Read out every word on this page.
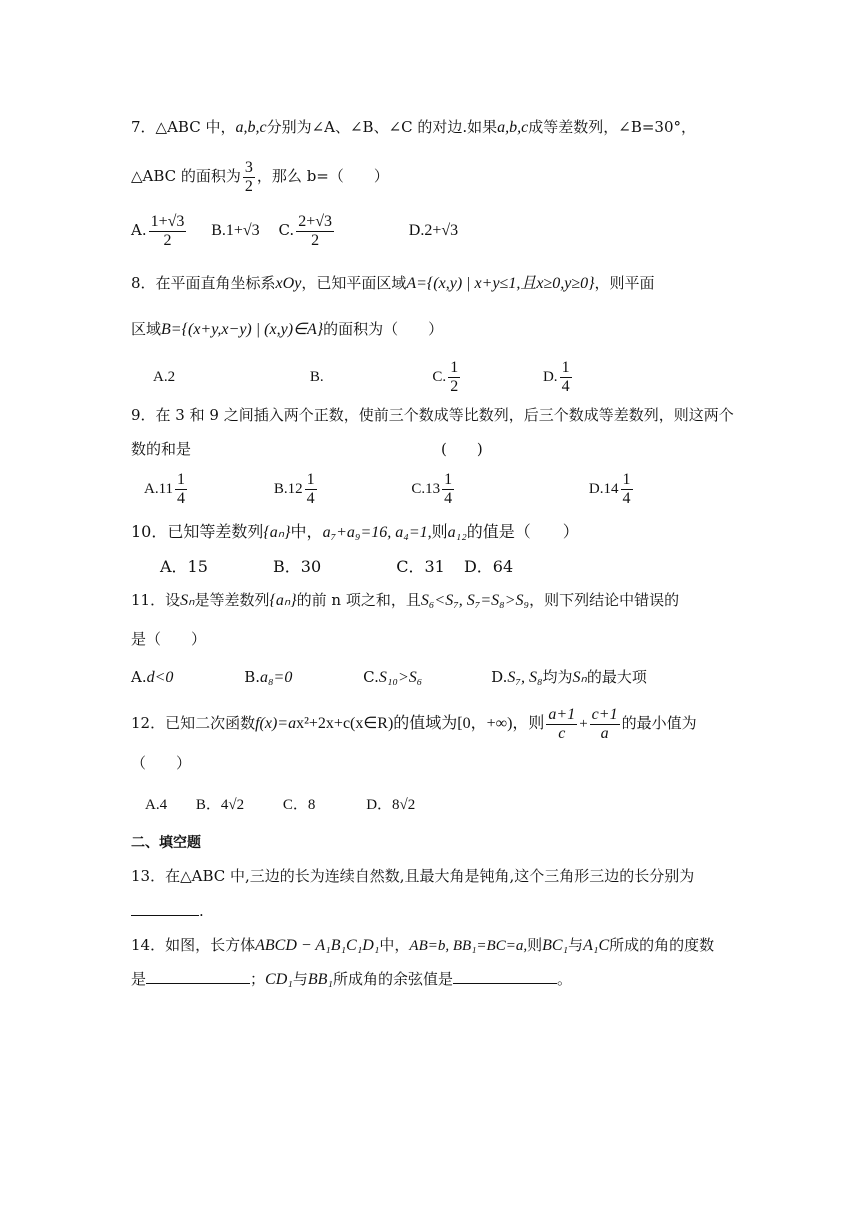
7．△ABC 中，a,b,c分别为∠A、∠B、∠C 的对边.如果a,b,c成等差数列，∠B=30°，
△ABC 的面积为 $\frac{3}{2}$ ，那么 b=（　　）
A. $\frac{1+√3}{2} B.1+√3$ C. $\frac{2+√3}{2}$	D.2+√3
8．在平面直角坐标系xOy，已知平面区域A={(x,y) | x+y≤1,且x≥0,y≥0}，则平面
区域B={(x+y,x−y) | (x,y)∈A}的面积为（　　）
A.2	B.	C. $\frac{1}{2}$	D. $\frac{1}{4}$
9．在 3 和 9 之间插入两个正数，使前三个数成等比数列，后三个数成等差数列，则这两个
数的和是	(　　)
$A.11 \frac{1}{4}$	$B.12 \frac{1}{4}$	$C.13 \frac{1}{4}$	$D.14 \frac{1}{4}$
10．已知等差数列{aₙ}中，a₇+a₉=16, a₄=1,则a₁₂的值是（　　）
A．15	B．30	C．31 D．64
11．设Sₙ是等差数列{aₙ}的前 n 项之和，且S₆<S₇, S₇=S₈>S₉，则下列结论中错误的
是（　　）
A.d<0	B.a₈=0	C.S₁₀>S₆	D.S₇, S₈均为Sₙ的最大项
12．已知二次函数f(x)=ax²+2x+c(x∈R)的值域为[0，+∞)，则 $\frac{a+1}{c} + \frac{c+1}{a}$ 的最小值为
（　　）
A.4 B．4√2	C．8	D．8√2
二、填空题
13．在△ABC 中,三边的长为连续自然数,且最大角是钝角,这个三角形三边的长分别为
.
14．如图，长方体ABCD − A₁B₁C₁D₁中，AB=b, BB₁=BC=a,则BC₁与A₁C所成的角的度数
是	；CD₁与BB₁所成角的余弦值是	。
